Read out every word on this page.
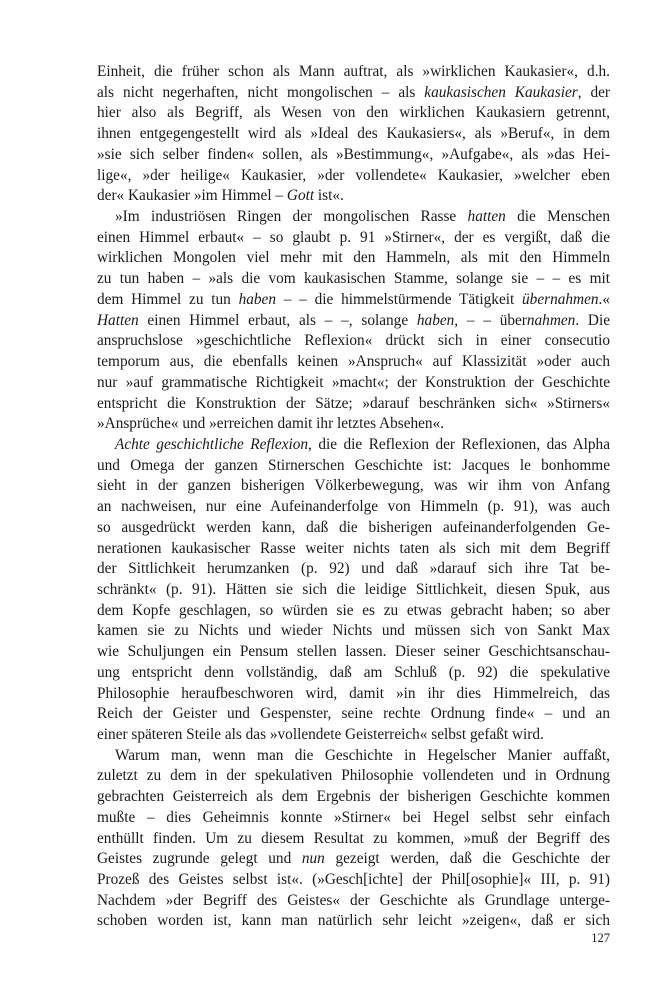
Einheit, die früher schon als Mann auftrat, als »wirklichen Kaukasier«, d.h.
als nicht negerhaften, nicht mongolischen – als kaukasischen Kaukasier, der
hier also als Begriff, als Wesen von den wirklichen Kaukasiern getrennt,
ihnen entgegengestellt wird als »Ideal des Kaukasiers«, als »Beruf«, in dem
»sie sich selber finden« sollen, als »Bestimmung«, »Aufgabe«, als »das Hei-
lige«, »der heilige« Kaukasier, »der vollendete« Kaukasier, »welcher eben
der« Kaukasier »im Himmel – Gott ist«.
»Im industriösen Ringen der mongolischen Rasse hatten die Menschen
einen Himmel erbaut« – so glaubt p. 91 »Stirner«, der es vergißt, daß die
wirklichen Mongolen viel mehr mit den Hammeln, als mit den Himmeln
zu tun haben – »als die vom kaukasischen Stamme, solange sie – – es mit
dem Himmel zu tun haben – – die himmelstürmende Tätigkeit übernahmen.«
Hatten einen Himmel erbaut, als – –, solange haben, – – übernahmen. Die
anspruchslose »geschichtliche Reflexion« drückt sich in einer consecutio
temporum aus, die ebenfalls keinen »Anspruch« auf Klassizität »oder auch
nur »auf grammatische Richtigkeit »macht«; der Konstruktion der Geschichte
entspricht die Konstruktion der Sätze; »darauf beschränken sich« »Stirners«
»Ansprüche« und »erreichen damit ihr letztes Absehen«.
Achte geschichtliche Reflexion, die die Reflexion der Reflexionen, das Alpha
und Omega der ganzen Stirnerschen Geschichte ist: Jacques le bonhomme
sieht in der ganzen bisherigen Völkerbewegung, was wir ihm von Anfang
an nachweisen, nur eine Aufeinanderfolge von Himmeln (p. 91), was auch
so ausgedrückt werden kann, daß die bisherigen aufeinanderfolgenden Ge-
nerationen kaukasischer Rasse weiter nichts taten als sich mit dem Begriff
der Sittlichkeit herumzanken (p. 92) und daß »darauf sich ihre Tat be-
schränkt« (p. 91). Hätten sie sich die leidige Sittlichkeit, diesen Spuk, aus
dem Kopfe geschlagen, so würden sie es zu etwas gebracht haben; so aber
kamen sie zu Nichts und wieder Nichts und müssen sich von Sankt Max
wie Schuljungen ein Pensum stellen lassen. Dieser seiner Geschichtsanschau-
ung entspricht denn vollständig, daß am Schluß (p. 92) die spekulative
Philosophie heraufbeschworen wird, damit »in ihr dies Himmelreich, das
Reich der Geister und Gespenster, seine rechte Ordnung finde« – und an
einer späteren Steile als das »vollendete Geisterreich« selbst gefaßt wird.
Warum man, wenn man die Geschichte in Hegelscher Manier auffaßt,
zuletzt zu dem in der spekulativen Philosophie vollendeten und in Ordnung
gebrachten Geisterreich als dem Ergebnis der bisherigen Geschichte kommen
mußte – dies Geheimnis konnte »Stirner« bei Hegel selbst sehr einfach
enthüllt finden. Um zu diesem Resultat zu kommen, »muß der Begriff des
Geistes zugrunde gelegt und nun gezeigt werden, daß die Geschichte der
Prozeß des Geistes selbst ist«. (»Gesch[ichte] der Phil[osophie]« III, p. 91)
Nachdem »der Begriff des Geistes« der Geschichte als Grundlage unterge-
schoben worden ist, kann man natürlich sehr leicht »zeigen«, daß er sich
127
